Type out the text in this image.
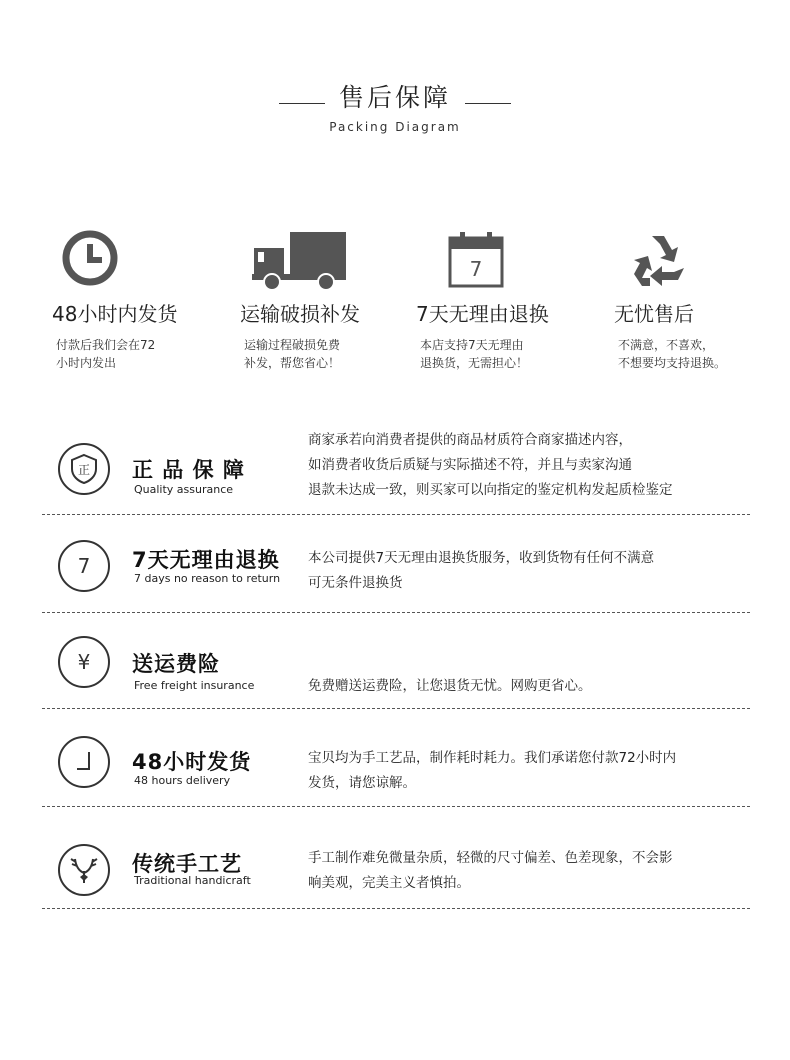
售后保障
Packing Diagram
48小时内发货
付款后我们会在72
小时内发出
运输破损补发
运输过程破损免费
补发，帮您省心！
7
7天无理由退换
本店支持7天无理由
退换货，无需担心！
无忧售后
不满意，不喜欢，
不想要均支持退换。
正 正 品 保 障
Quality assurance
商家承若向消费者提供的商品材质符合商家描述内容，
如消费者收货后质疑与实际描述不符，并且与卖家沟通
退款未达成一致，则买家可以向指定的鉴定机构发起质检鉴定
7 7天无理由退换
7 days no reason to return
本公司提供7天无理由退换货服务，收到货物有任何不满意
可无条件退换货
¥ 送运费险
Free freight insurance	免费赠送运费险，让您退货无忧。网购更省心。
48小时发货
48 hours delivery
宝贝均为手工艺品，制作耗时耗力。我们承诺您付款72小时内
发货，请您谅解。
传统手工艺
Traditional handicraft
手工制作难免微量杂质，轻微的尺寸偏差、色差现象，不会影
响美观，完美主义者慎拍。
